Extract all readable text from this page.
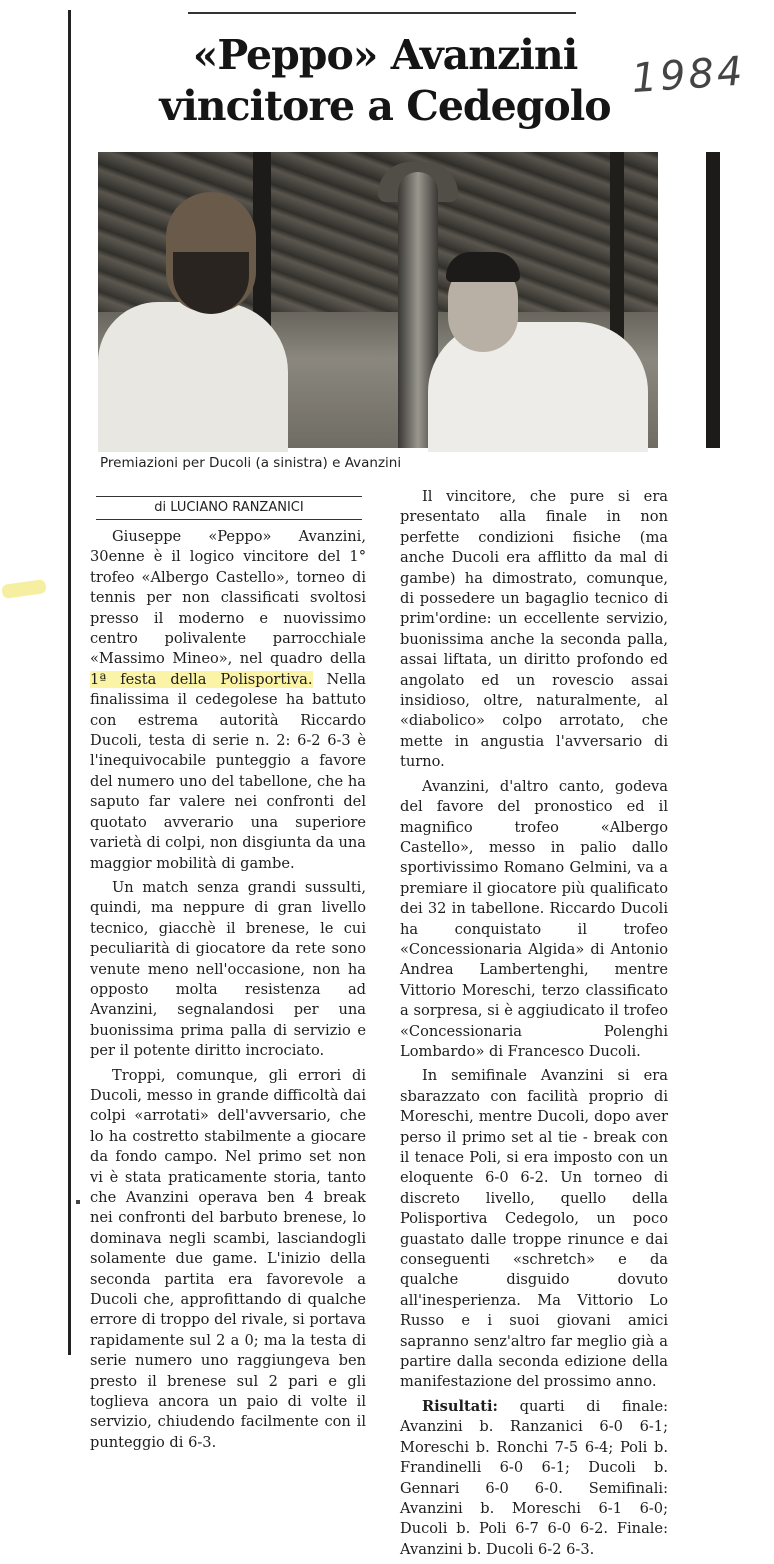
«Peppo» Avanzini
vincitore a Cedegolo
1984
Premiazioni per Ducoli (a sinistra) e Avanzini
di LUCIANO RANZANICI

Giuseppe «Peppo» Avanzini, 30enne è il logico vincitore del 1° trofeo «Albergo Castello», torneo di tennis per non classificati svoltosi presso il moderno e nuovissimo centro polivalente parrocchiale «Massimo Mineo», nel quadro della 1ª festa della Polisportiva. Nella finalissima il cedegolese ha battuto con estrema autorità Riccardo Ducoli, testa di serie n. 2: 6-2 6-3 è l'inequivocabile punteggio a favore del numero uno del tabellone, che ha saputo far valere nei confronti del quotato avverario una superiore varietà di colpi, non disgiunta da una maggior mobilità di gambe.

Un match senza grandi sussulti, quindi, ma neppure di gran livello tecnico, giacchè il brenese, le cui peculiarità di giocatore da rete sono venute meno nell'occasione, non ha opposto molta resistenza ad Avanzini, segnalandosi per una buonissima prima palla di servizio e per il potente diritto incrociato.

Troppi, comunque, gli errori di Ducoli, messo in grande difficoltà dai colpi «arrotati» dell'avversario, che lo ha costretto stabilmente a giocare da fondo campo. Nel primo set non vi è stata praticamente storia, tanto che Avanzini operava ben 4 break nei confronti del barbuto brenese, lo dominava negli scambi, lasciandogli solamente due game. L'inizio della seconda partita era favorevole a Ducoli che, approfittando di qualche errore di troppo del rivale, si portava rapidamente sul 2 a 0; ma la testa di serie numero uno raggiungeva ben presto il brenese sul 2 pari e gli toglieva ancora un paio di volte il servizio, chiudendo facilmente con il punteggio di 6-3.

Il vincitore, che pure si era presentato alla finale in non perfette condizioni fisiche (ma anche Ducoli era afflitto da mal di gambe) ha dimostrato, comunque, di possedere un bagaglio tecnico di prim'ordine: un eccellente servizio, buonissima anche la seconda palla, assai liftata, un diritto profondo ed angolato ed un rovescio assai insidioso, oltre, naturalmente, al «diabolico» colpo arrotato, che mette in angustia l'avversario di turno.

Avanzini, d'altro canto, godeva del favore del pronostico ed il magnifico trofeo «Albergo Castello», messo in palio dallo sportivissimo Romano Gelmini, va a premiare il giocatore più qualificato dei 32 in tabellone. Riccardo Ducoli ha conquistato il trofeo «Concessionaria Algida» di Antonio Andrea Lambertenghi, mentre Vittorio Moreschi, terzo classificato a sorpresa, si è aggiudicato il trofeo «Concessionaria Polenghi Lombardo» di Francesco Ducoli.

In semifinale Avanzini si era sbarazzato con facilità proprio di Moreschi, mentre Ducoli, dopo aver perso il primo set al tie - break con il tenace Poli, si era imposto con un eloquente 6-0 6-2. Un torneo di discreto livello, quello della Polisportiva Cedegolo, un poco guastato dalle troppe rinunce e dai conseguenti «schretch» e da qualche disguido dovuto all'inesperienza. Ma Vittorio Lo Russo e i suoi giovani amici sapranno senz'altro far meglio già a partire dalla seconda edizione della manifestazione del prossimo anno.

Risultati: quarti di finale: Avanzini b. Ranzanici 6-0 6-1; Moreschi b. Ronchi 7-5 6-4; Poli b. Frandinelli 6-0 6-1; Ducoli b. Gennari 6-0 6-0. Semifinali: Avanzini b. Moreschi 6-1 6-0; Ducoli b. Poli 6-7 6-0 6-2. Finale: Avanzini b. Ducoli 6-2 6-3.
